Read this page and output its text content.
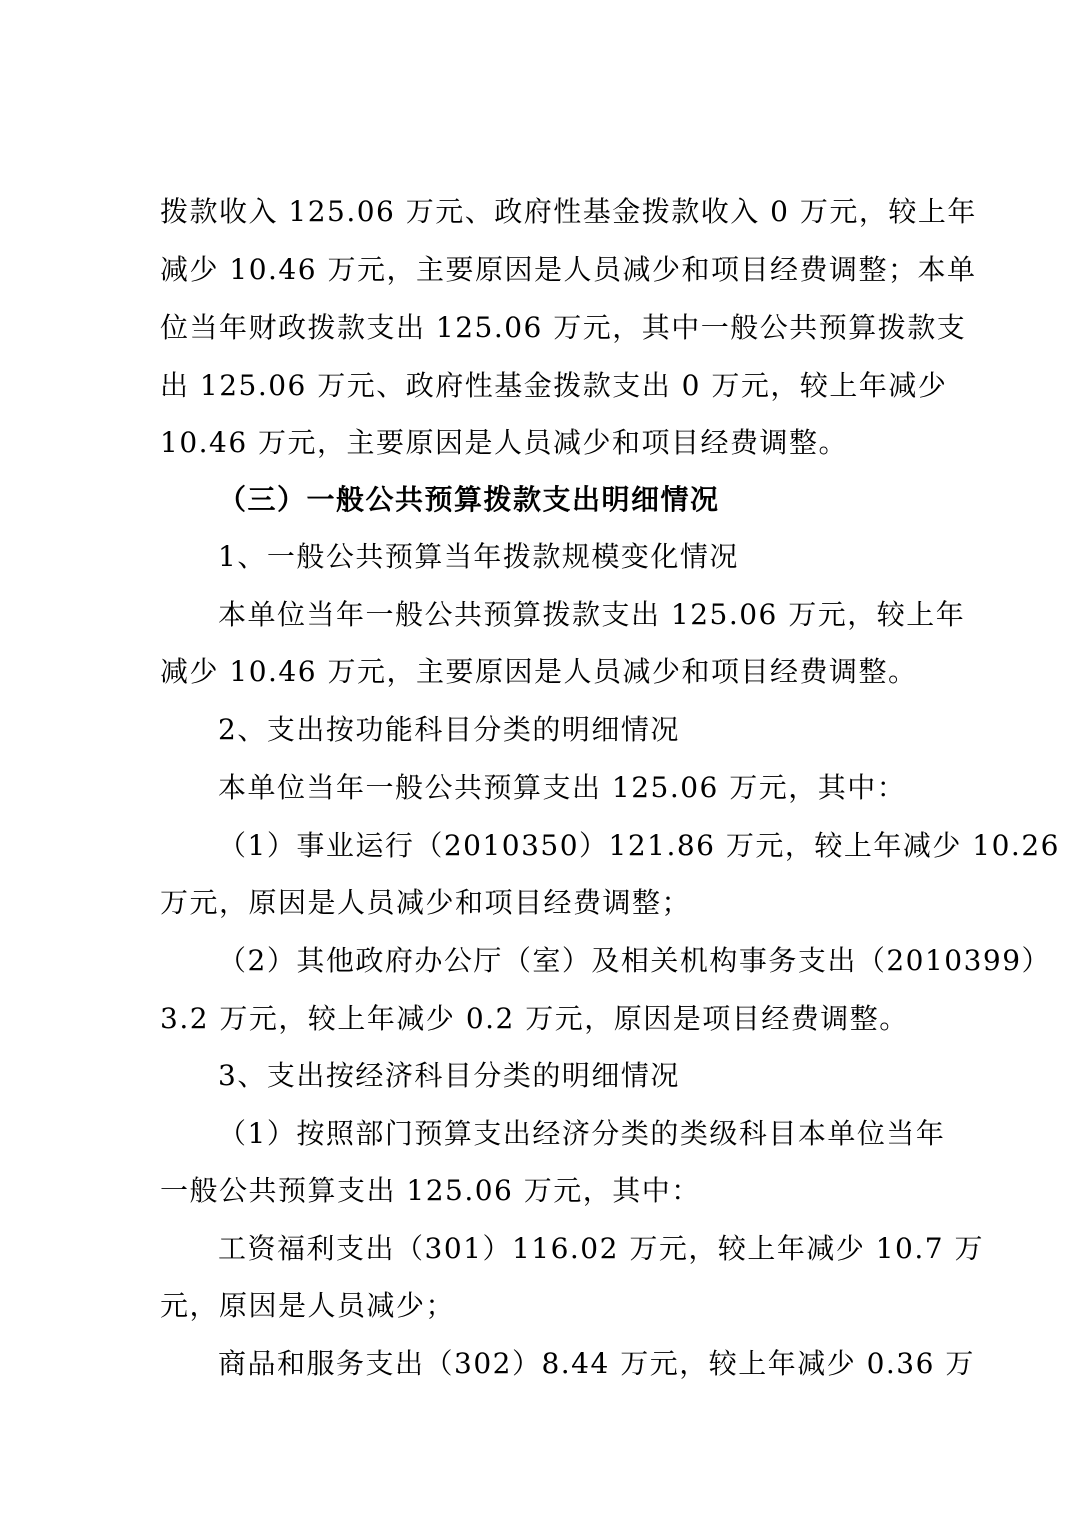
拨款收入 125.06 万元、政府性基金拨款收入 0 万元，较上年
减少 10.46 万元，主要原因是人员减少和项目经费调整；本单
位当年财政拨款支出 125.06 万元，其中一般公共预算拨款支
出 125.06 万元、政府性基金拨款支出 0 万元，较上年减少
10.46 万元，主要原因是人员减少和项目经费调整。
（三）一般公共预算拨款支出明细情况
1、一般公共预算当年拨款规模变化情况
本单位当年一般公共预算拨款支出 125.06 万元，较上年
减少 10.46 万元，主要原因是人员减少和项目经费调整。
2、支出按功能科目分类的明细情况
本单位当年一般公共预算支出 125.06 万元，其中：
（1）事业运行（2010350）121.86 万元，较上年减少 10.26
万元，原因是人员减少和项目经费调整；
（2）其他政府办公厅（室）及相关机构事务支出（2010399）
3.2 万元，较上年减少 0.2 万元，原因是项目经费调整。
3、支出按经济科目分类的明细情况
（1）按照部门预算支出经济分类的类级科目本单位当年
一般公共预算支出 125.06 万元，其中：
工资福利支出（301）116.02 万元，较上年减少 10.7 万
元，原因是人员减少；
商品和服务支出（302）8.44 万元，较上年减少 0.36 万
